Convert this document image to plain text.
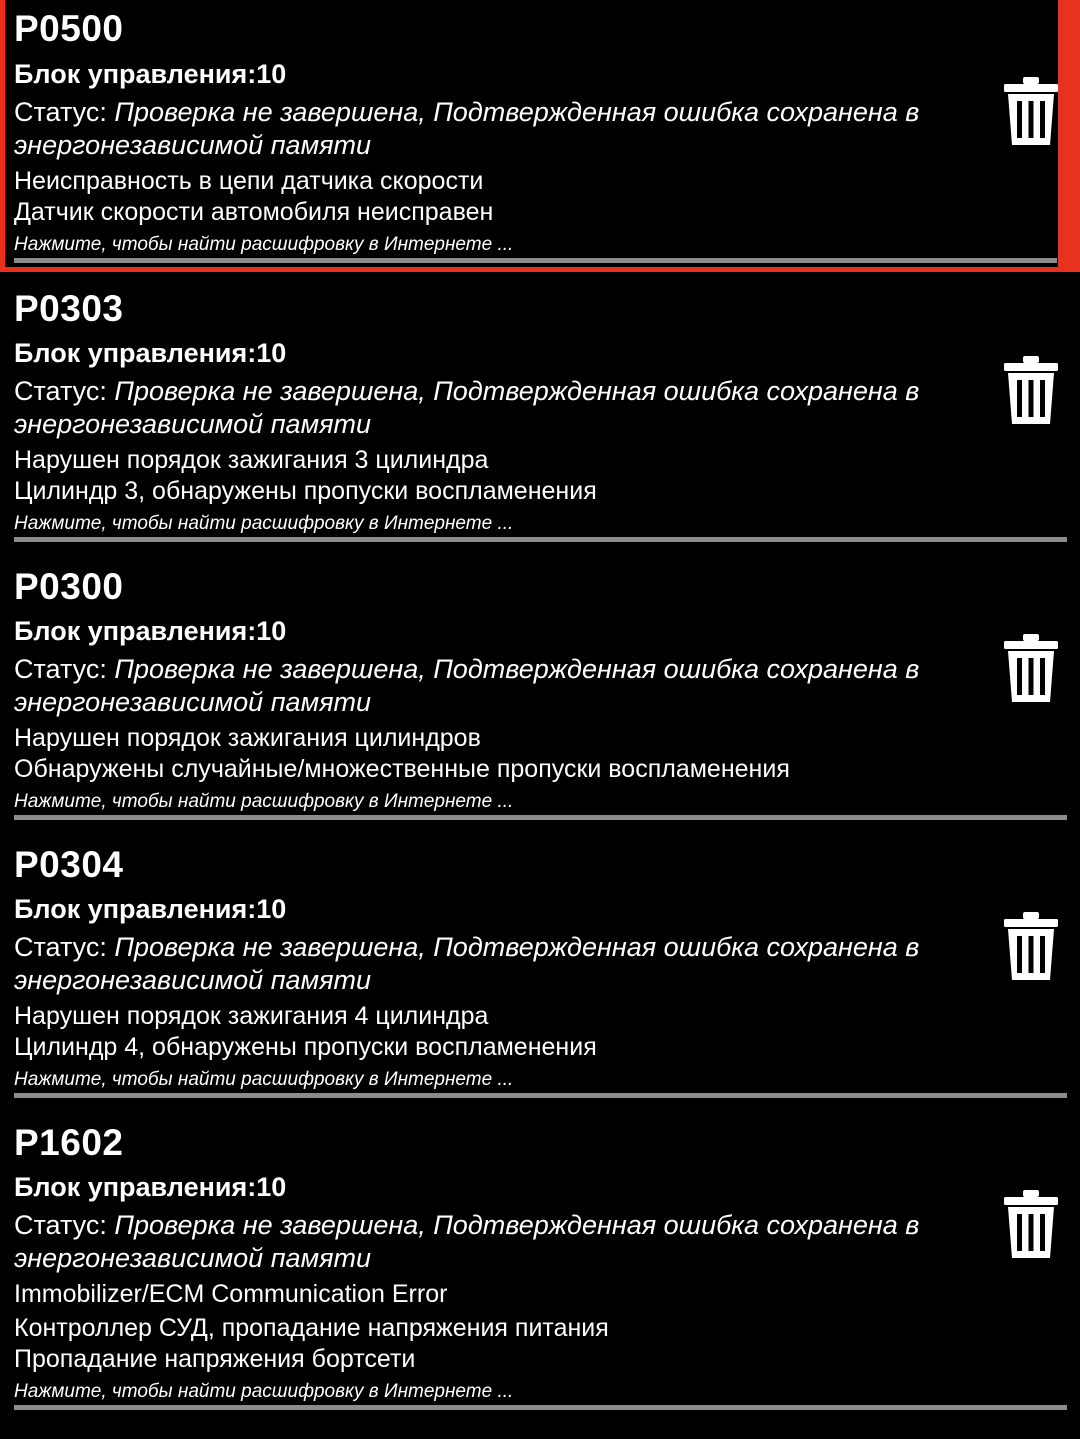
P0500
Блок управления:10
Статус: Проверка не завершена, Подтвержденная ошибка сохранена в энергонезависимой памяти
Неисправность в цепи датчика скорости
Датчик скорости автомобиля неисправен
Нажмите, чтобы найти расшифровку в Интернете ...
P0303
Блок управления:10
Статус: Проверка не завершена, Подтвержденная ошибка сохранена в энергонезависимой памяти
Нарушен порядок зажигания 3 цилиндра
Цилиндр 3, обнаружены пропуски воспламенения
Нажмите, чтобы найти расшифровку в Интернете ...
P0300
Блок управления:10
Статус: Проверка не завершена, Подтвержденная ошибка сохранена в энергонезависимой памяти
Нарушен порядок зажигания цилиндров
Обнаружены случайные/множественные пропуски воспламенения
Нажмите, чтобы найти расшифровку в Интернете ...
P0304
Блок управления:10
Статус: Проверка не завершена, Подтвержденная ошибка сохранена в энергонезависимой памяти
Нарушен порядок зажигания 4 цилиндра
Цилиндр 4, обнаружены пропуски воспламенения
Нажмите, чтобы найти расшифровку в Интернете ...
P1602
Блок управления:10
Статус: Проверка не завершена, Подтвержденная ошибка сохранена в энергонезависимой памяти
Immobilizer/ECM Communication Error
Контроллер СУД, пропадание напряжения питания
Пропадание напряжения бортсети
Нажмите, чтобы найти расшифровку в Интернете ...
